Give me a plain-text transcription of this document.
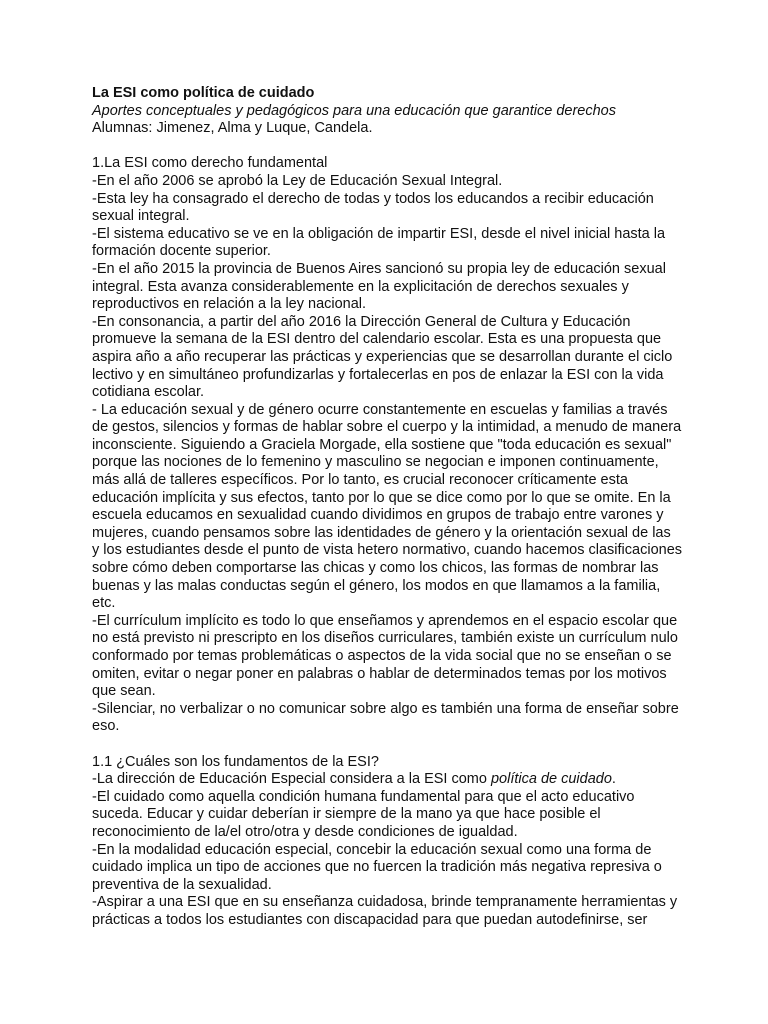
La ESI como política de cuidado

Aportes conceptuales y pedagógicos para una educación que garantice derechos

Alumnas: Jimenez, Alma y Luque, Candela.

1.La ESI como derecho fundamental

-En el año 2006 se aprobó la Ley de Educación Sexual Integral.

-Esta ley ha consagrado el derecho de todas y todos los educandos a recibir educación sexual integral.

-El sistema educativo se ve en la obligación de impartir ESI, desde el nivel inicial hasta la formación docente superior.

-En el año 2015 la provincia de Buenos Aires sancionó su propia ley de educación sexual integral. Esta avanza considerablemente en la explicitación de derechos sexuales y reproductivos en relación a la ley nacional.

-En consonancia, a partir del año 2016 la Dirección General de Cultura y Educación promueve la semana de la ESI dentro del calendario escolar. Esta es una propuesta que aspira año a año recuperar las prácticas y experiencias que se desarrollan durante el ciclo lectivo y en simultáneo profundizarlas y fortalecerlas en pos de enlazar la ESI con la vida cotidiana escolar.

- La educación sexual y de género ocurre constantemente en escuelas y familias a través de gestos, silencios y formas de hablar sobre el cuerpo y la intimidad, a menudo de manera inconsciente. Siguiendo a Graciela Morgade, ella sostiene que "toda educación es sexual" porque las nociones de lo femenino y masculino se negocian e imponen continuamente, más allá de talleres específicos. Por lo tanto, es crucial reconocer críticamente esta educación implícita y sus efectos, tanto por lo que se dice como por lo que se omite. En la escuela educamos en sexualidad cuando dividimos en grupos de trabajo entre varones y mujeres, cuando pensamos sobre las identidades de género y la orientación sexual de las y los estudiantes desde el punto de vista hetero normativo, cuando hacemos clasificaciones sobre cómo deben comportarse las chicas y como los chicos, las formas de nombrar las buenas y las malas conductas según el género, los modos en que llamamos a la familia, etc.

-El currículum implícito es todo lo que enseñamos y aprendemos en el espacio escolar que no está previsto ni prescripto en los diseños curriculares, también existe un currículum nulo conformado por temas problemáticas o aspectos de la vida social que no se enseñan o se omiten, evitar o negar poner en palabras o hablar de determinados temas por los motivos que sean.

-Silenciar, no verbalizar o no comunicar sobre algo es también una forma de enseñar sobre eso.

1.1 ¿Cuáles son los fundamentos de la ESI?

-La dirección de Educación Especial considera a la ESI como política de cuidado.

-El cuidado como aquella condición humana fundamental para que el acto educativo suceda. Educar y cuidar deberían ir siempre de la mano ya que hace posible el reconocimiento de la/el otro/otra y desde condiciones de igualdad.

-En la modalidad educación especial, concebir la educación sexual como una forma de cuidado implica un tipo de acciones que no fuercen la tradición más negativa represiva o preventiva de la sexualidad.

-Aspirar a una ESI que en su enseñanza cuidadosa, brinde tempranamente herramientas y prácticas a todos los estudiantes con discapacidad para que puedan autodefinirse, ser
